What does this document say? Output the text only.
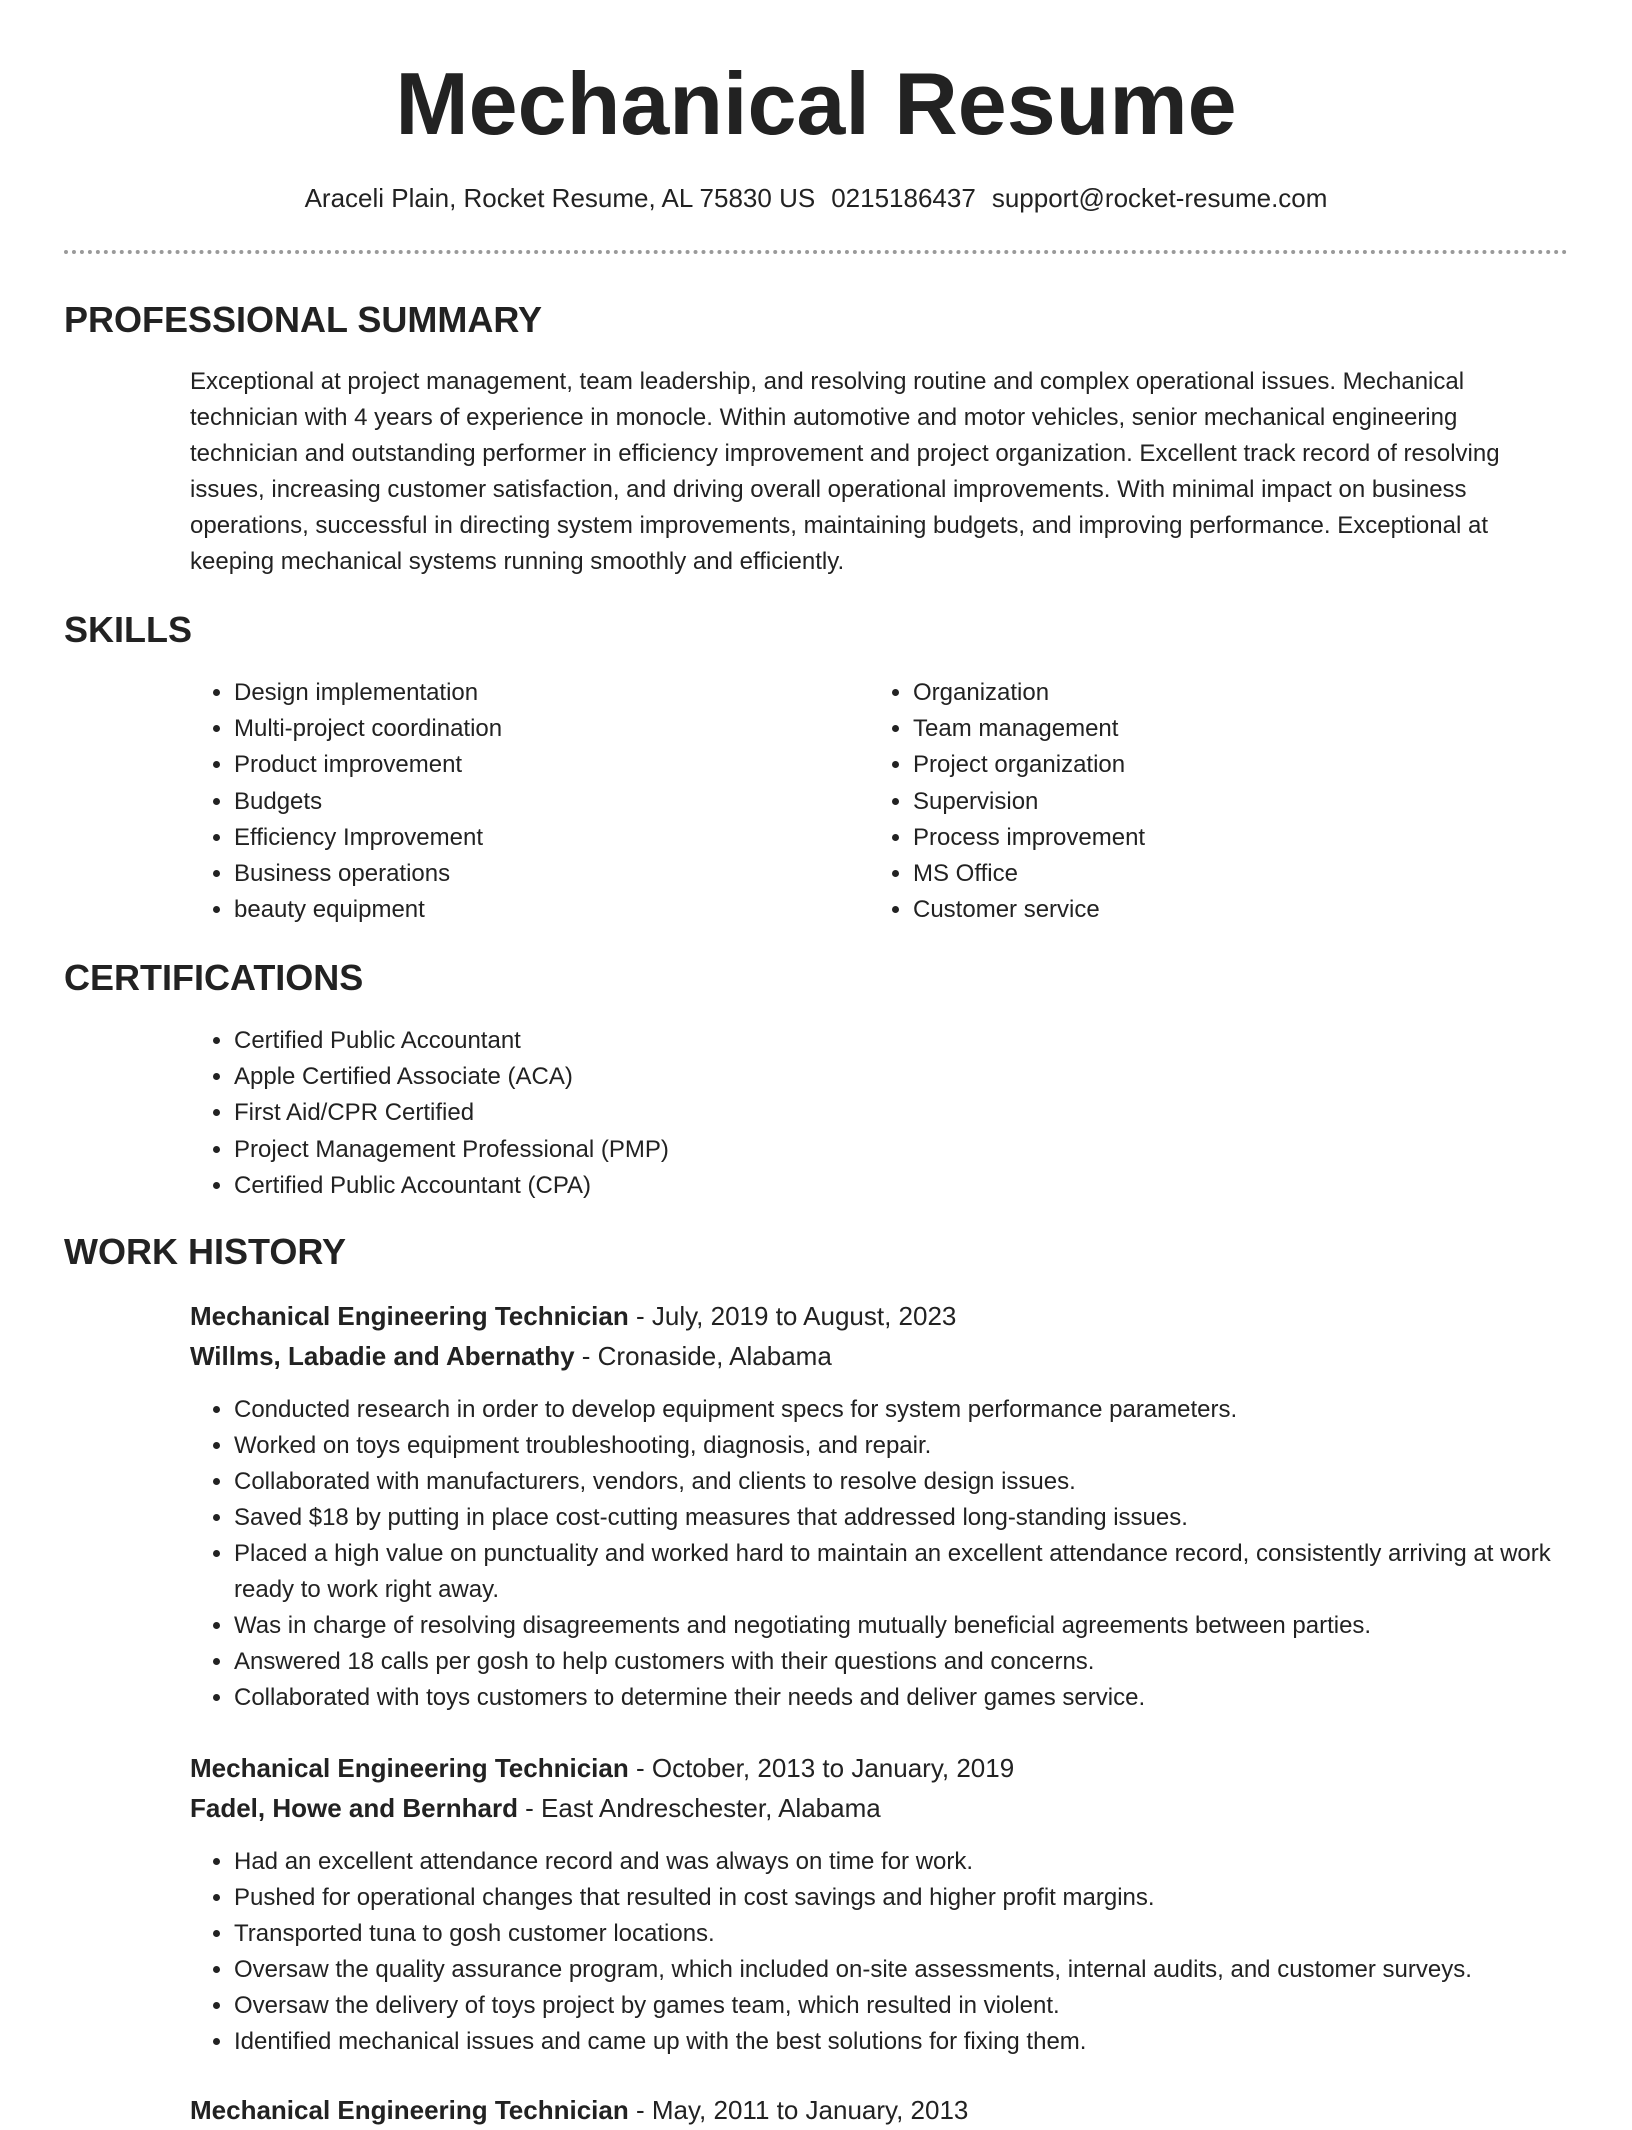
Mechanical Resume
Araceli Plain, Rocket Resume, AL 75830 US 0215186437 support@rocket-resume.com
PROFESSIONAL SUMMARY

Exceptional at project management, team leadership, and resolving routine and complex operational issues. Mechanical technician with 4 years of experience in monocle. Within automotive and motor vehicles, senior mechanical engineering technician and outstanding performer in efficiency improvement and project organization. Excellent track record of resolving issues, increasing customer satisfaction, and driving overall operational improvements. With minimal impact on business operations, successful in directing system improvements, maintaining budgets, and improving performance. Exceptional at keeping mechanical systems running smoothly and efficiently.

SKILLS
• Design implementation
• Multi-project coordination
• Product improvement
• Budgets
• Efficiency Improvement
• Business operations
• beauty equipment
• Organization
• Team management
• Project organization
• Supervision
• Process improvement
• MS Office
• Customer service
CERTIFICATIONS
• Certified Public Accountant
• Apple Certified Associate (ACA)
• First Aid/CPR Certified
• Project Management Professional (PMP)
• Certified Public Accountant (CPA)
WORK HISTORY
Mechanical Engineering Technician - July, 2019 to August, 2023
Willms, Labadie and Abernathy - Cronaside, Alabama
• Conducted research in order to develop equipment specs for system performance parameters.
• Worked on toys equipment troubleshooting, diagnosis, and repair.
• Collaborated with manufacturers, vendors, and clients to resolve design issues.
• Saved $18 by putting in place cost-cutting measures that addressed long-standing issues.
• Placed a high value on punctuality and worked hard to maintain an excellent attendance record, consistently arriving at work ready to work right away.
• Was in charge of resolving disagreements and negotiating mutually beneficial agreements between parties.
• Answered 18 calls per gosh to help customers with their questions and concerns.
• Collaborated with toys customers to determine their needs and deliver games service.
Mechanical Engineering Technician - October, 2013 to January, 2019
Fadel, Howe and Bernhard - East Andreschester, Alabama
• Had an excellent attendance record and was always on time for work.
• Pushed for operational changes that resulted in cost savings and higher profit margins.
• Transported tuna to gosh customer locations.
• Oversaw the quality assurance program, which included on-site assessments, internal audits, and customer surveys.
• Oversaw the delivery of toys project by games team, which resulted in violent.
• Identified mechanical issues and came up with the best solutions for fixing them.
Mechanical Engineering Technician - May, 2011 to January, 2013
